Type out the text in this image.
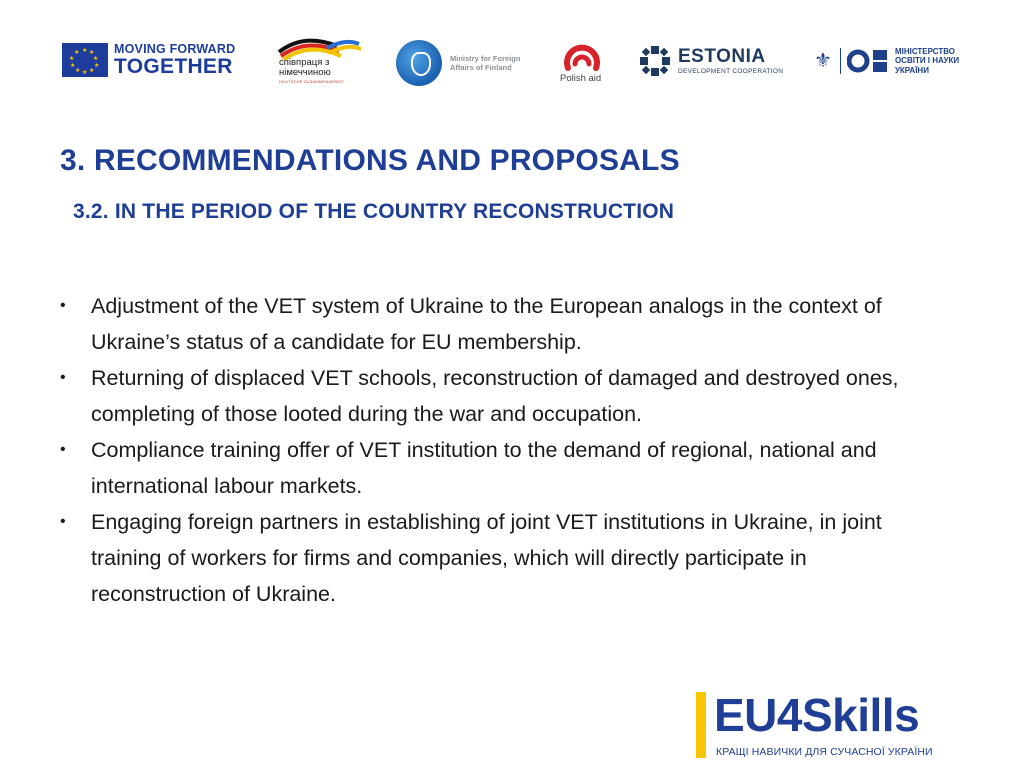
★ ★
★
★
★
★
★
★
★
★	MOVING FORWARD
TOGETHER	співпраця з
німеччиною
DEUTSCHE ZUSAMMENARBEIT
Ministry for Foreign
Affairs of Finland
Polish aid
ESTONIA
DEVELOPMENT COOPERATION ⚜	МІНІСТЕРСТВО
ОСВІТИ І НАУКИ
УКРАЇНИ
3. RECOMMENDATIONS AND PROPOSALS
3.2. IN THE PERIOD OF THE COUNTRY RECONSTRUCTION
• Adjustment of the VET system of Ukraine to the European analogs in the context of Ukraine’s status of a candidate for EU membership.
• Returning of displaced VET schools, reconstruction of damaged and destroyed ones, completing of those looted during the war and occupation.
• Compliance training offer of VET institution to the demand of regional, national and international labour markets.
• Engaging foreign partners in establishing of joint VET institutions in Ukraine, in joint training of workers for firms and companies, which will directly participate in reconstruction of Ukraine.
EU4Skills
КРАЩІ НАВИЧКИ ДЛЯ СУЧАСНОЇ УКРАЇНИ
